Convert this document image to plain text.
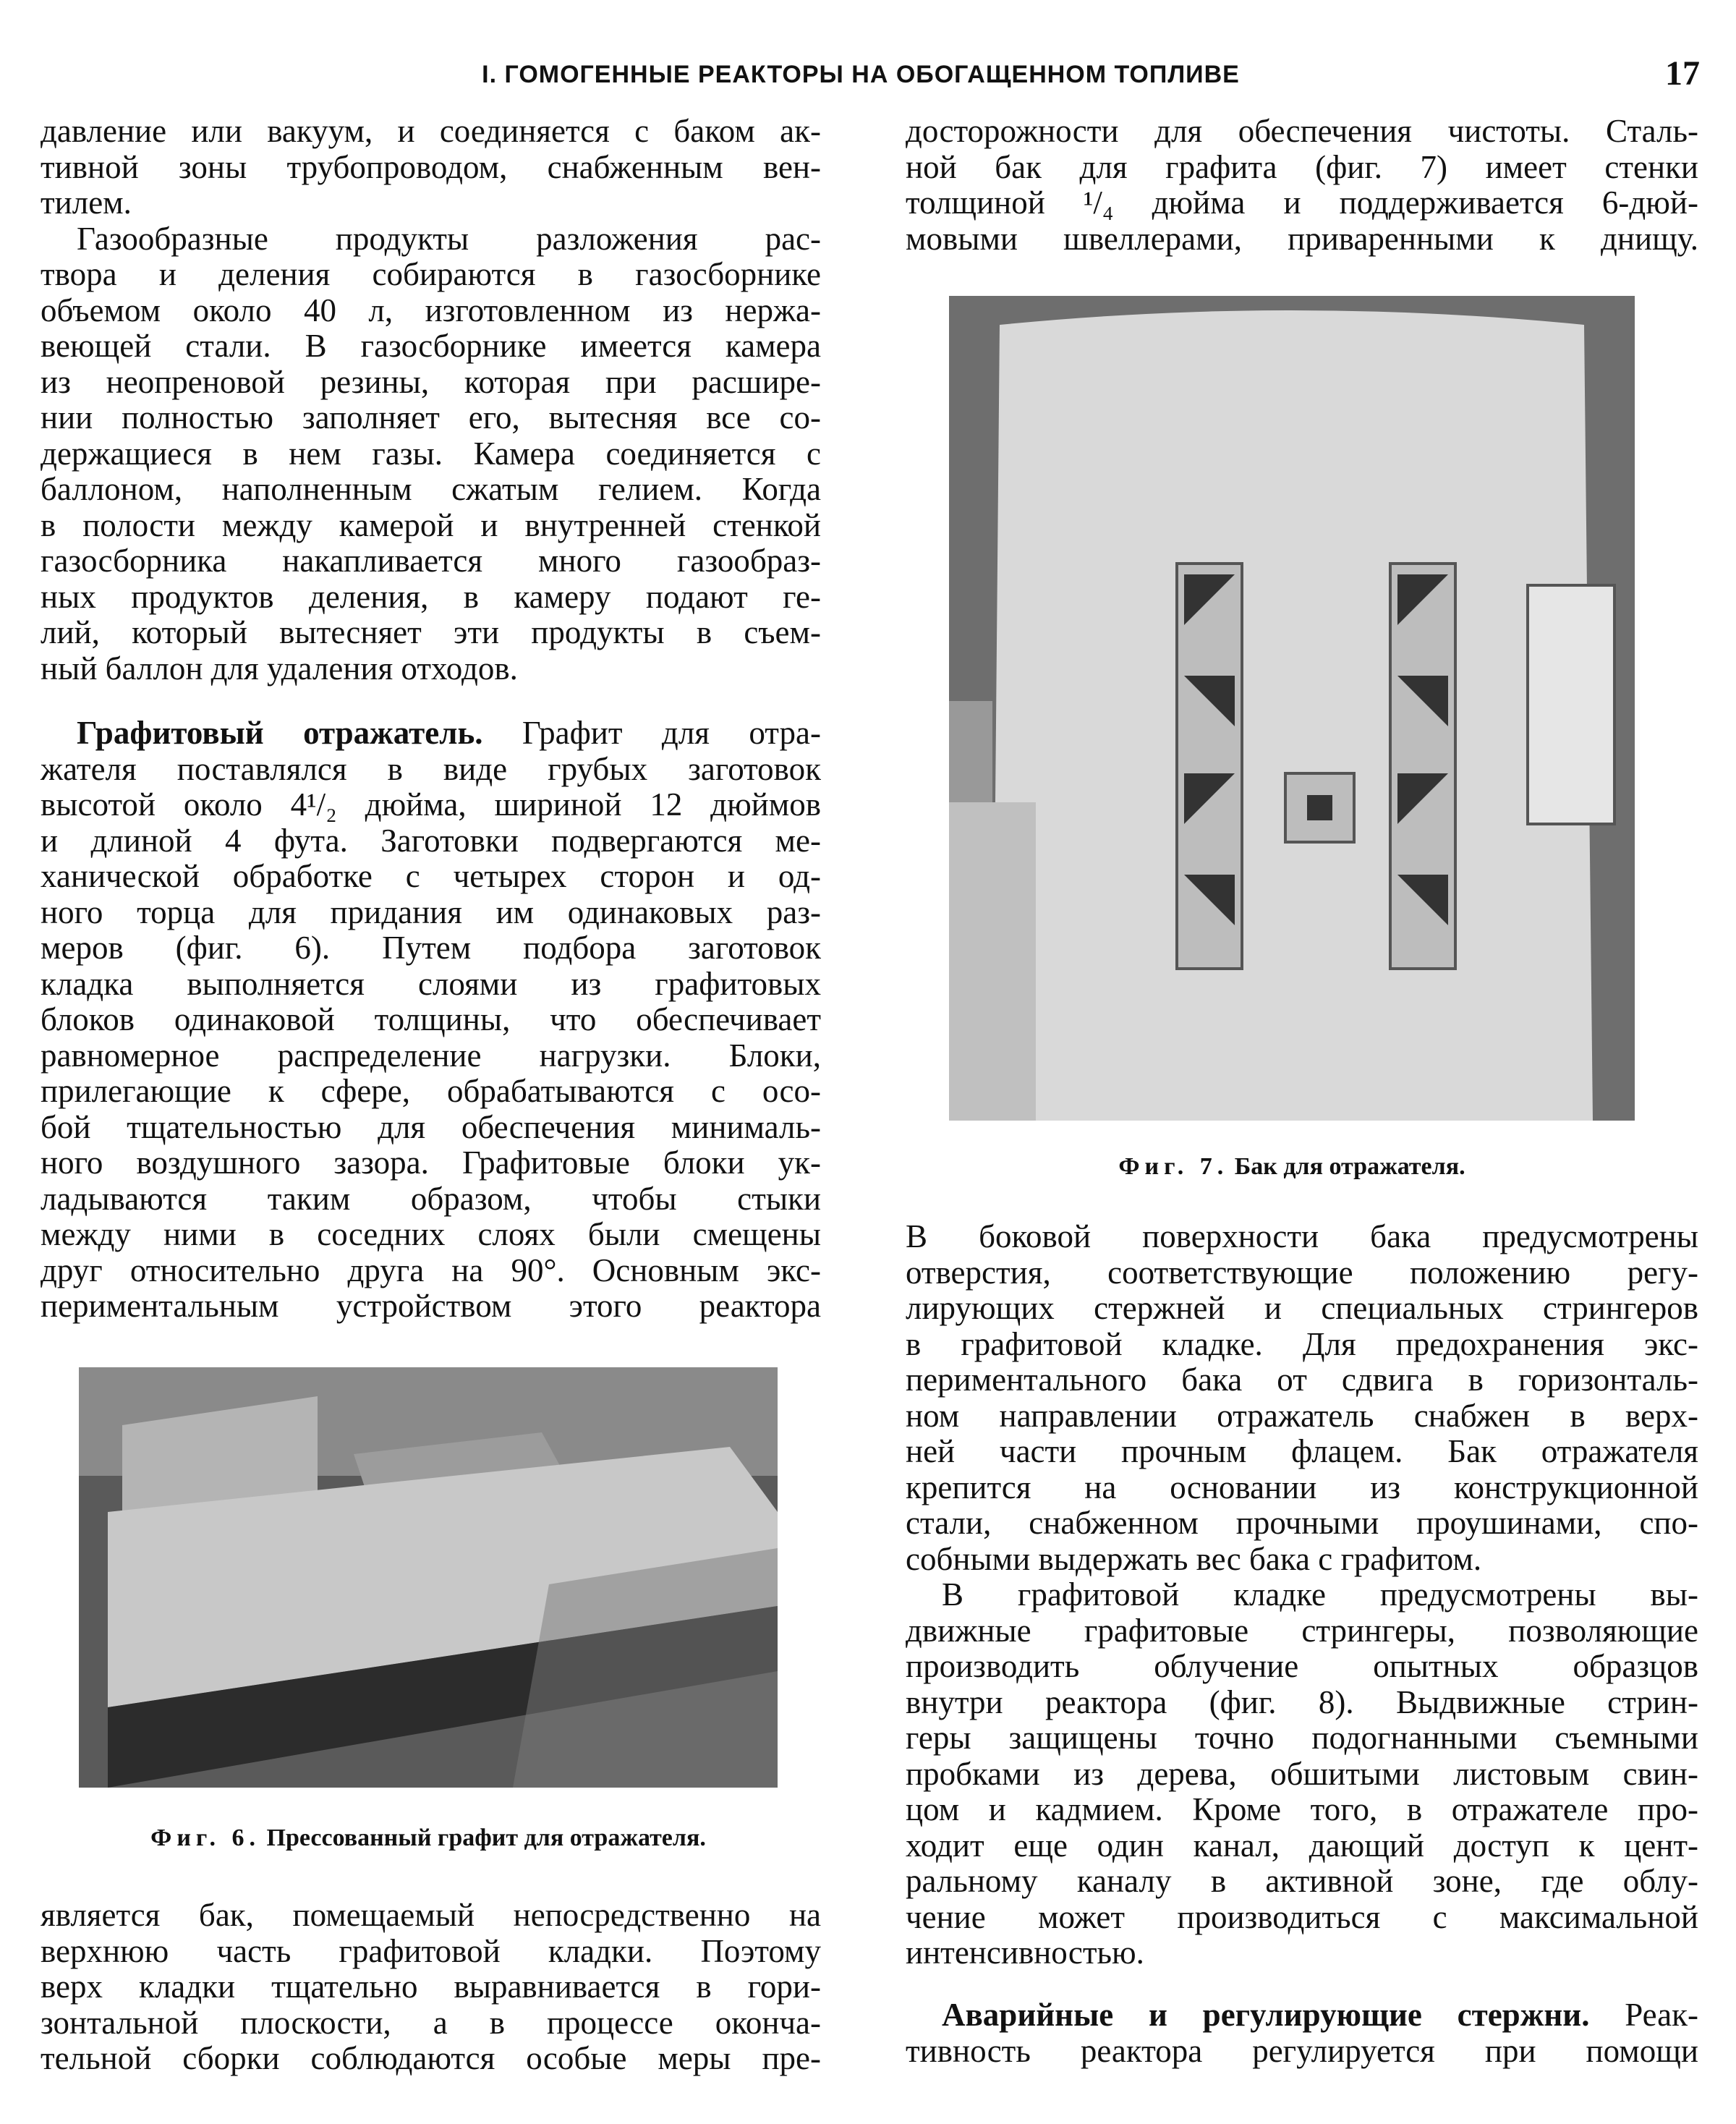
I. ГОМОГЕННЫЕ РЕАКТОРЫ НА ОБОГАЩЕННОМ ТОПЛИВЕ	17
давление или вакуум, и соединяется с баком ак-
тивной зоны трубопроводом, снабженным вен-
тилем.
Газообразные продукты разложения рас-
твора и деления собираются в газосборнике
объемом около 40 л, изготовленном из нержа-
веющей стали. В газосборнике имеется камера
из неопреновой резины, которая при расшире-
нии полностью заполняет его, вытесняя все со-
держащиеся в нем газы. Камера соединяется с
баллоном, наполненным сжатым гелием. Когда
в полости между камерой и внутренней стенкой
газосборника накапливается много газообраз-
ных продуктов деления, в камеру подают ге-
лий, который вытесняет эти продукты в съем-
ный баллон для удаления отходов.
Графитовый отражатель. Графит для отра-
жателя поставлялся в виде грубых заготовок
высотой около 4¹/₂ дюйма, шириной 12 дюймов
и длиной 4 фута. Заготовки подвергаются ме-
ханической обработке с четырех сторон и од-
ного торца для придания им одинаковых раз-
меров (фиг. 6). Путем подбора заготовок
кладка выполняется слоями из графитовых
блоков одинаковой толщины, что обеспечивает
равномерное распределение нагрузки. Блоки,
прилегающие к сфере, обрабатываются с осо-
бой тщательностью для обеспечения минималь-
ного воздушного зазора. Графитовые блоки ук-
ладываются таким образом, чтобы стыки
между ними в соседних слоях были смещены
друг относительно друга на 90°. Основным экс-
периментальным устройством этого реактора
Фиг. 6. Прессованный графит для отражателя.
является бак, помещаемый непосредственно на
верхнюю часть графитовой кладки. Поэтому
верх кладки тщательно выравнивается в гори-
зонтальной плоскости, а в процессе оконча-
тельной сборки соблюдаются особые меры пре-
досторожности для обеспечения чистоты. Сталь-
ной бак для графита (фиг. 7) имеет стенки
толщиной ¹/₄ дюйма и поддерживается 6-дюй-
мовыми швеллерами, приваренными к днищу.
Фиг. 7. Бак для отражателя.
В боковой поверхности бака предусмотрены
отверстия, соответствующие положению регу-
лирующих стержней и специальных стрингеров
в графитовой кладке. Для предохранения экс-
периментального бака от сдвига в горизонталь-
ном направлении отражатель снабжен в верх-
ней части прочным флацем. Бак отражателя
крепится на основании из конструкционной
стали, снабженном прочными проушинами, спо-
собными выдержать вес бака с графитом.
В графитовой кладке предусмотрены вы-
движные графитовые стрингеры, позволяющие
производить облучение опытных образцов
внутри реактора (фиг. 8). Выдвижные стрин-
геры защищены точно подогнанными съемными
пробками из дерева, обшитыми листовым свин-
цом и кадмием. Кроме того, в отражателе про-
ходит еще один канал, дающий доступ к цент-
ральному каналу в активной зоне, где облу-
чение может производиться с максимальной
интенсивностью.
Аварийные и регулирующие стержни. Реак-
тивность реактора регулируется при помощи
